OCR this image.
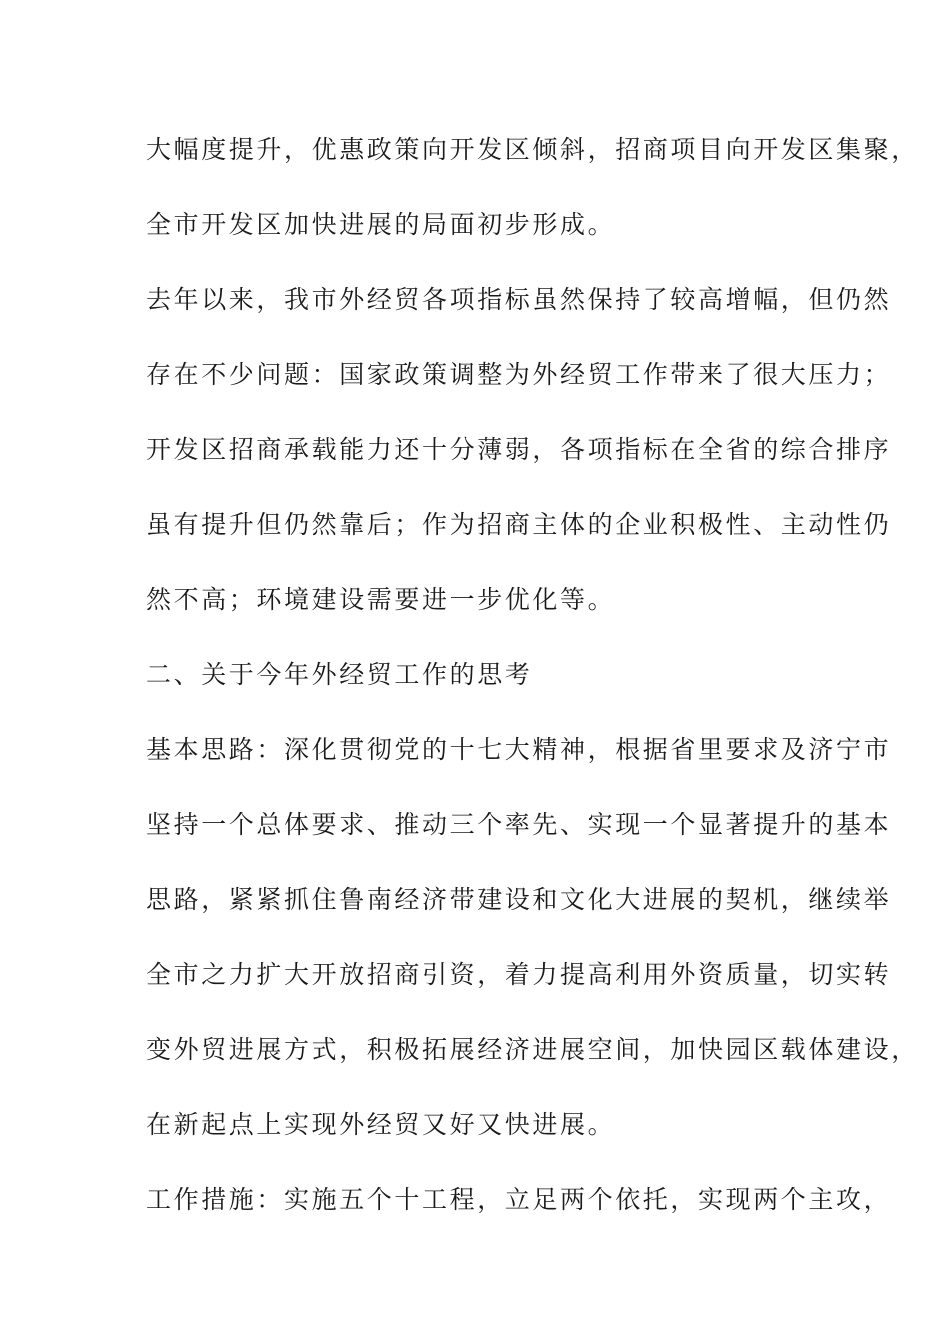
大幅度提升，优惠政策向开发区倾斜，招商项目向开发区集聚，
全市开发区加快进展的局面初步形成。
去年以来，我市外经贸各项指标虽然保持了较高增幅，但仍然
存在不少问题：国家政策调整为外经贸工作带来了很大压力；
开发区招商承载能力还十分薄弱，各项指标在全省的综合排序
虽有提升但仍然靠后；作为招商主体的企业积极性、主动性仍
然不高；环境建设需要进一步优化等。
二、关于今年外经贸工作的思考
基本思路：深化贯彻党的十七大精神，根据省里要求及济宁市
坚持一个总体要求、推动三个率先、实现一个显著提升的基本
思路，紧紧抓住鲁南经济带建设和文化大进展的契机，继续举
全市之力扩大开放招商引资，着力提高利用外资质量，切实转
变外贸进展方式，积极拓展经济进展空间，加快园区载体建设，
在新起点上实现外经贸又好又快进展。
工作措施：实施五个十工程，立足两个依托，实现两个主攻，
